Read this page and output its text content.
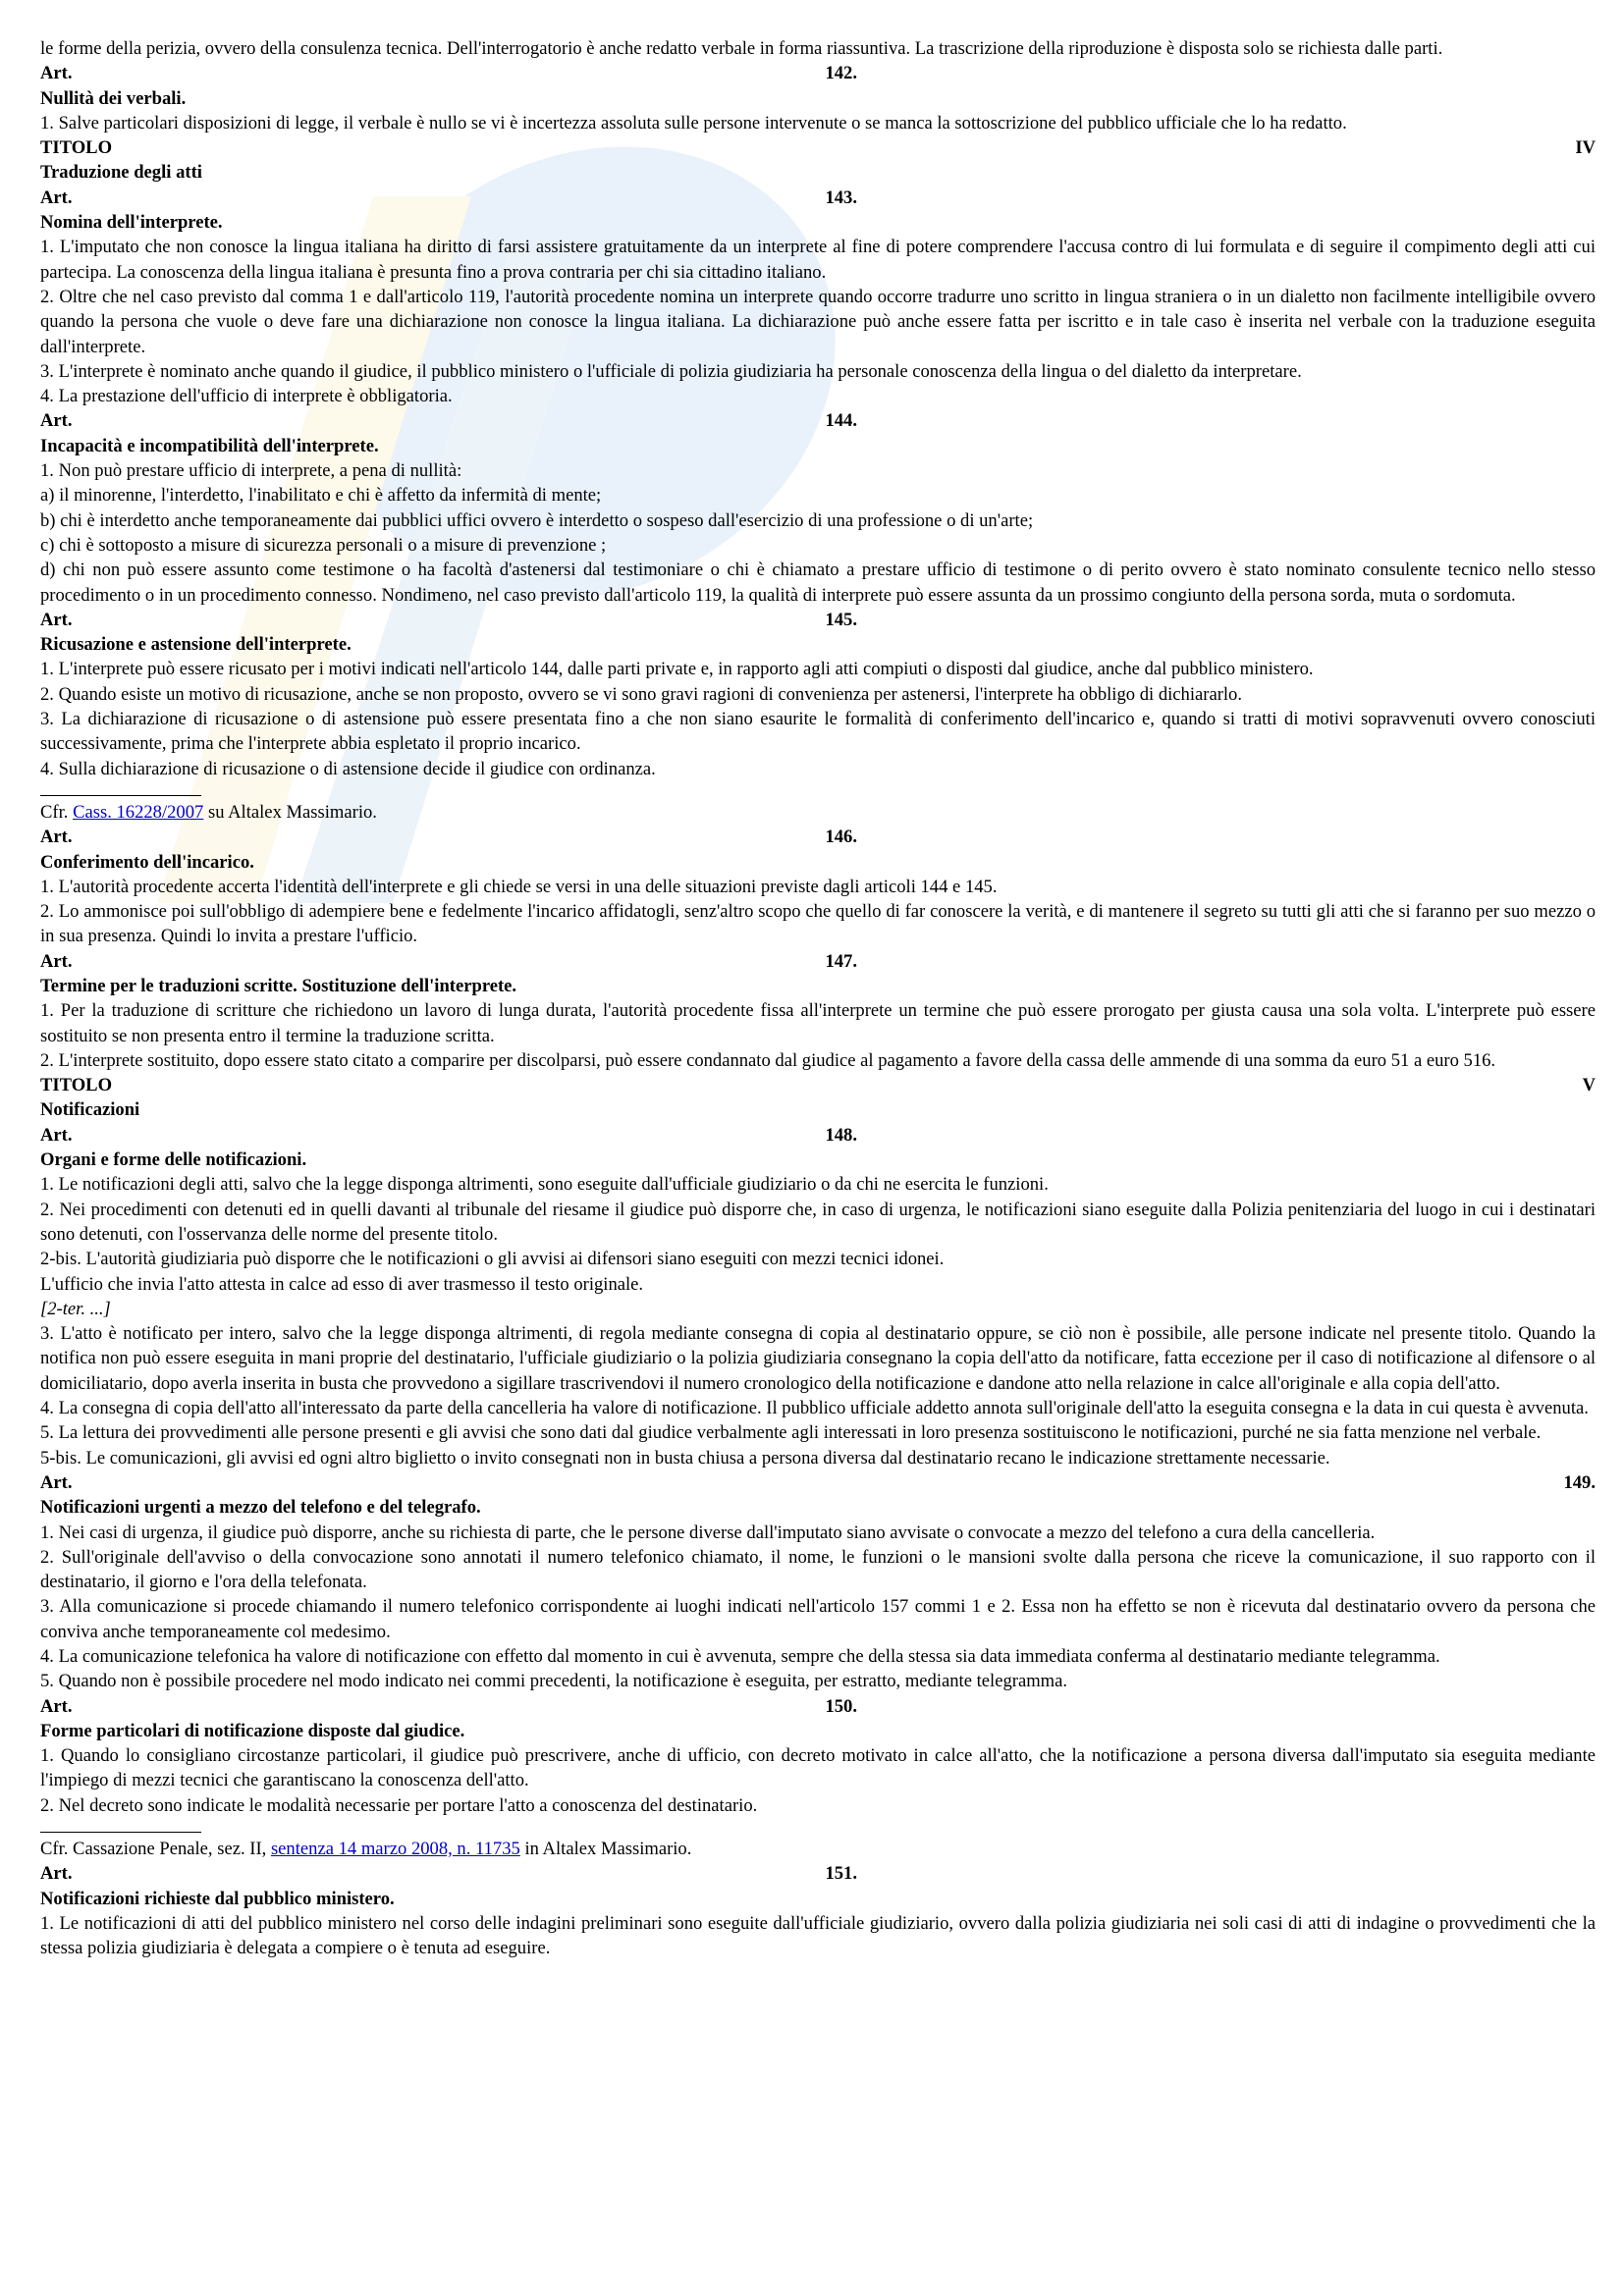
le forme della perizia, ovvero della consulenza tecnica. Dell'interrogatorio è anche redatto verbale in forma riassuntiva. La trascrizione della riproduzione è disposta solo se richiesta dalle parti.
Art.	142.
Nullità dei verbali.
1. Salve particolari disposizioni di legge, il verbale è nullo se vi è incertezza assoluta sulle persone intervenute o se manca la sottoscrizione del pubblico ufficiale che lo ha redatto.
TITOLO	IV
Traduzione degli atti
Art.	143.
Nomina dell'interprete.
1. L'imputato che non conosce la lingua italiana ha diritto di farsi assistere gratuitamente da un interprete al fine di potere comprendere l'accusa contro di lui formulata e di seguire il compimento degli atti cui partecipa. La conoscenza della lingua italiana è presunta fino a prova contraria per chi sia cittadino italiano.
2. Oltre che nel caso previsto dal comma 1 e dall'articolo 119, l'autorità procedente nomina un interprete quando occorre tradurre uno scritto in lingua straniera o in un dialetto non facilmente intelligibile ovvero quando la persona che vuole o deve fare una dichiarazione non conosce la lingua italiana. La dichiarazione può anche essere fatta per iscritto e in tale caso è inserita nel verbale con la traduzione eseguita dall'interprete.
3. L'interprete è nominato anche quando il giudice, il pubblico ministero o l'ufficiale di polizia giudiziaria ha personale conoscenza della lingua o del dialetto da interpretare.
4. La prestazione dell'ufficio di interprete è obbligatoria.
Art.	144.
Incapacità e incompatibilità dell'interprete.
1. Non può prestare ufficio di interprete, a pena di nullità:
a) il minorenne, l'interdetto, l'inabilitato e chi è affetto da infermità di mente;
b) chi è interdetto anche temporaneamente dai pubblici uffici ovvero è interdetto o sospeso dall'esercizio di una professione o di un'arte;
c) chi è sottoposto a misure di sicurezza personali o a misure di prevenzione ;
d) chi non può essere assunto come testimone o ha facoltà d'astenersi dal testimoniare o chi è chiamato a prestare ufficio di testimone o di perito ovvero è stato nominato consulente tecnico nello stesso procedimento o in un procedimento connesso. Nondimeno, nel caso previsto dall'articolo 119, la qualità di interprete può essere assunta da un prossimo congiunto della persona sorda, muta o sordomuta.
Art.	145.
Ricusazione e astensione dell'interprete.
1. L'interprete può essere ricusato per i motivi indicati nell'articolo 144, dalle parti private e, in rapporto agli atti compiuti o disposti dal giudice, anche dal pubblico ministero.
2. Quando esiste un motivo di ricusazione, anche se non proposto, ovvero se vi sono gravi ragioni di convenienza per astenersi, l'interprete ha obbligo di dichiararlo.
3. La dichiarazione di ricusazione o di astensione può essere presentata fino a che non siano esaurite le formalità di conferimento dell'incarico e, quando si tratti di motivi sopravvenuti ovvero conosciuti successivamente, prima che l'interprete abbia espletato il proprio incarico.
4. Sulla dichiarazione di ricusazione o di astensione decide il giudice con ordinanza.
Cfr. Cass. 16228/2007 su Altalex Massimario.
Art.	146.
Conferimento dell'incarico.
1. L'autorità procedente accerta l'identità dell'interprete e gli chiede se versi in una delle situazioni previste dagli articoli 144 e 145.
2. Lo ammonisce poi sull'obbligo di adempiere bene e fedelmente l'incarico affidatogli, senz'altro scopo che quello di far conoscere la verità, e di mantenere il segreto su tutti gli atti che si faranno per suo mezzo o in sua presenza. Quindi lo invita a prestare l'ufficio.
Art.	147.
Termine per le traduzioni scritte. Sostituzione dell'interprete.
1. Per la traduzione di scritture che richiedono un lavoro di lunga durata, l'autorità procedente fissa all'interprete un termine che può essere prorogato per giusta causa una sola volta. L'interprete può essere sostituito se non presenta entro il termine la traduzione scritta.
2. L'interprete sostituito, dopo essere stato citato a comparire per discolparsi, può essere condannato dal giudice al pagamento a favore della cassa delle ammende di una somma da euro 51 a euro 516.
TITOLO	V
Notificazioni
Art.	148.
Organi e forme delle notificazioni.
1. Le notificazioni degli atti, salvo che la legge disponga altrimenti, sono eseguite dall'ufficiale giudiziario o da chi ne esercita le funzioni.
2. Nei procedimenti con detenuti ed in quelli davanti al tribunale del riesame il giudice può disporre che, in caso di urgenza, le notificazioni siano eseguite dalla Polizia penitenziaria del luogo in cui i destinatari sono detenuti, con l'osservanza delle norme del presente titolo.
2-bis. L'autorità giudiziaria può disporre che le notificazioni o gli avvisi ai difensori siano eseguiti con mezzi tecnici idonei.
L'ufficio che invia l'atto attesta in calce ad esso di aver trasmesso il testo originale.
[2-ter. ...]
3. L'atto è notificato per intero, salvo che la legge disponga altrimenti, di regola mediante consegna di copia al destinatario oppure, se ciò non è possibile, alle persone indicate nel presente titolo. Quando la notifica non può essere eseguita in mani proprie del destinatario, l'ufficiale giudiziario o la polizia giudiziaria consegnano la copia dell'atto da notificare, fatta eccezione per il caso di notificazione al difensore o al domiciliatario, dopo averla inserita in busta che provvedono a sigillare trascrivendovi il numero cronologico della notificazione e dandone atto nella relazione in calce all'originale e alla copia dell'atto.
4. La consegna di copia dell'atto all'interessato da parte della cancelleria ha valore di notificazione. Il pubblico ufficiale addetto annota sull'originale dell'atto la eseguita consegna e la data in cui questa è avvenuta.
5. La lettura dei provvedimenti alle persone presenti e gli avvisi che sono dati dal giudice verbalmente agli interessati in loro presenza sostituiscono le notificazioni, purché ne sia fatta menzione nel verbale.
5-bis. Le comunicazioni, gli avvisi ed ogni altro biglietto o invito consegnati non in busta chiusa a persona diversa dal destinatario recano le indicazione strettamente necessarie.
Art.	149.
Notificazioni urgenti a mezzo del telefono e del telegrafo.
1. Nei casi di urgenza, il giudice può disporre, anche su richiesta di parte, che le persone diverse dall'imputato siano avvisate o convocate a mezzo del telefono a cura della cancelleria.
2. Sull'originale dell'avviso o della convocazione sono annotati il numero telefonico chiamato, il nome, le funzioni o le mansioni svolte dalla persona che riceve la comunicazione, il suo rapporto con il destinatario, il giorno e l'ora della telefonata.
3. Alla comunicazione si procede chiamando il numero telefonico corrispondente ai luoghi indicati nell'articolo 157 commi 1 e 2. Essa non ha effetto se non è ricevuta dal destinatario ovvero da persona che conviva anche temporaneamente col medesimo.
4. La comunicazione telefonica ha valore di notificazione con effetto dal momento in cui è avvenuta, sempre che della stessa sia data immediata conferma al destinatario mediante telegramma.
5. Quando non è possibile procedere nel modo indicato nei commi precedenti, la notificazione è eseguita, per estratto, mediante telegramma.
Art.	150.
Forme particolari di notificazione disposte dal giudice.
1. Quando lo consigliano circostanze particolari, il giudice può prescrivere, anche di ufficio, con decreto motivato in calce all'atto, che la notificazione a persona diversa dall'imputato sia eseguita mediante l'impiego di mezzi tecnici che garantiscano la conoscenza dell'atto.
2. Nel decreto sono indicate le modalità necessarie per portare l'atto a conoscenza del destinatario.
Cfr. Cassazione Penale, sez. II, sentenza 14 marzo 2008, n. 11735 in Altalex Massimario.
Art.	151.
Notificazioni richieste dal pubblico ministero.
1. Le notificazioni di atti del pubblico ministero nel corso delle indagini preliminari sono eseguite dall'ufficiale giudiziario, ovvero dalla polizia giudiziaria nei soli casi di atti di indagine o provvedimenti che la stessa polizia giudiziaria è delegata a compiere o è tenuta ad eseguire.
